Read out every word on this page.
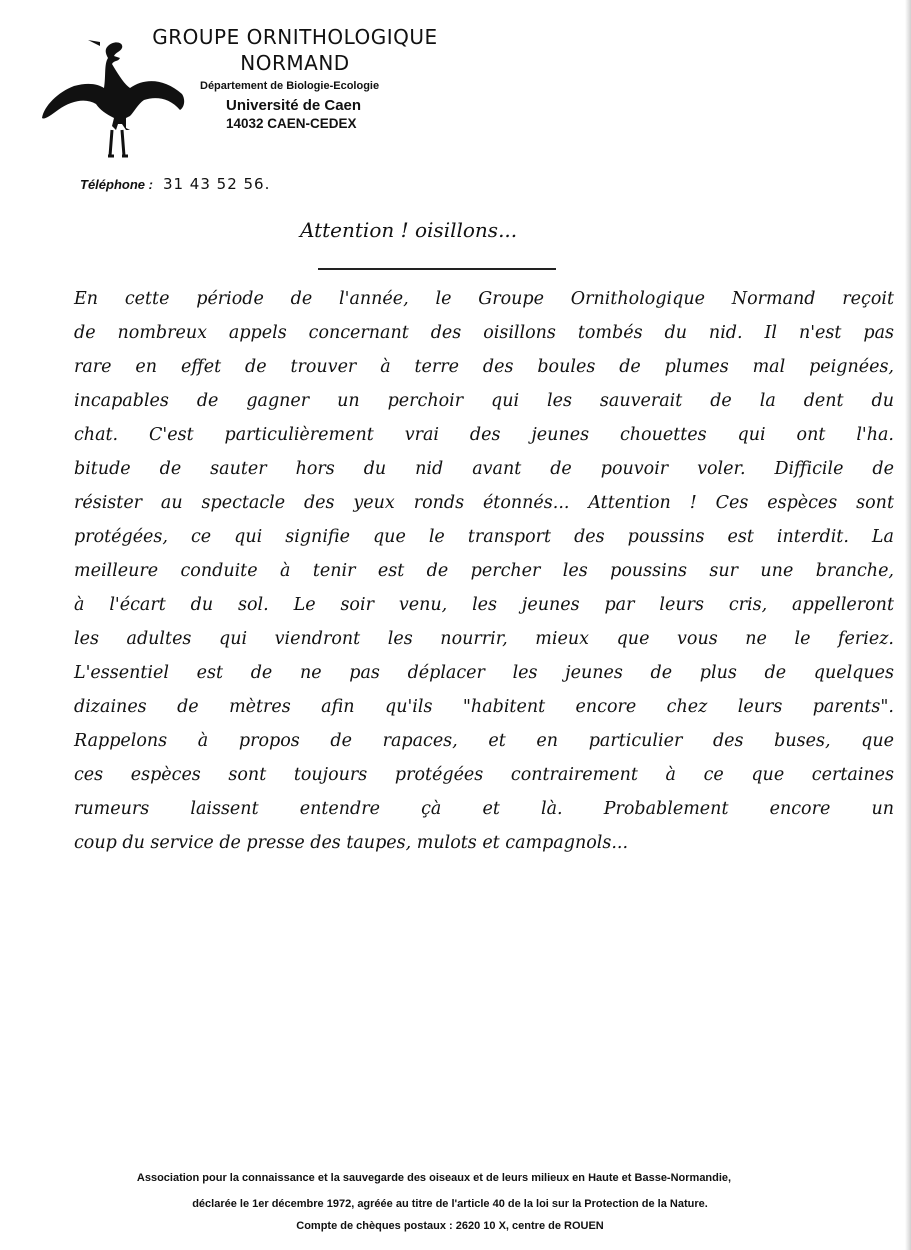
GROUPE ORNITHOLOGIQUE
NORMAND
Département de Biologie-Ecologie
Université de Caen
14032 CAEN-CEDEX
Téléphone : 31 43 52 56.
Attention ! oisillons...
En cette période de l'année, le Groupe Ornithologique Normand reçoit
de nombreux appels concernant des oisillons tombés du nid. Il n'est pas
rare en effet de trouver à terre des boules de plumes mal peignées,
incapables de gagner un perchoir qui les sauverait de la dent du
chat. C'est particulièrement vrai des jeunes chouettes qui ont l'ha.
bitude de sauter hors du nid avant de pouvoir voler. Difficile de
résister au spectacle des yeux ronds étonnés... Attention ! Ces espèces sont
protégées, ce qui signifie que le transport des poussins est interdit. La
meilleure conduite à tenir est de percher les poussins sur une branche,
à l'écart du sol. Le soir venu, les jeunes par leurs cris, appelleront
les adultes qui viendront les nourrir, mieux que vous ne le feriez.
L'essentiel est de ne pas déplacer les jeunes de plus de quelques
dizaines de mètres afin qu'ils "habitent encore chez leurs parents".
Rappelons à propos de rapaces, et en particulier des buses, que
ces espèces sont toujours protégées contrairement à ce que certaines
rumeurs laissent entendre çà et là. Probablement encore un
coup du service de presse des taupes, mulots et campagnols...
Association pour la connaissance et la sauvegarde des oiseaux et de leurs milieux en Haute et Basse-Normandie,
déclarée le 1er décembre 1972, agréée au titre de l'article 40 de la loi sur la Protection de la Nature.
Compte de chèques postaux : 2620 10 X, centre de ROUEN
